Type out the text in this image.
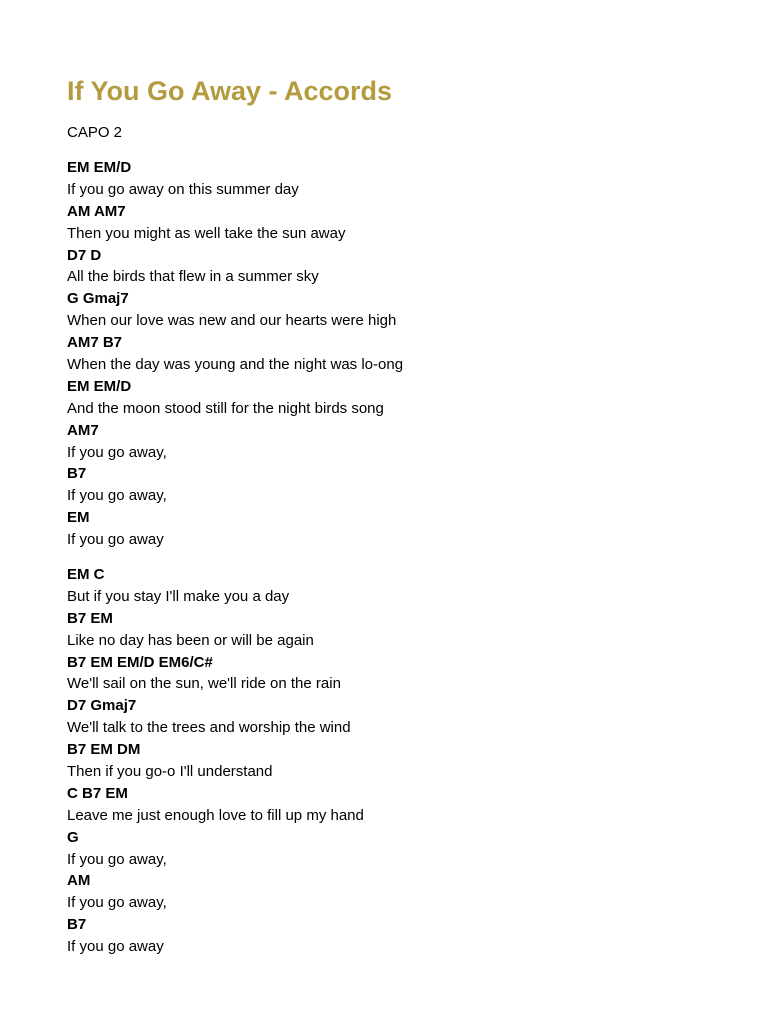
If You Go Away - Accords
CAPO 2
EM EM/D
If you go away on this summer day
AM AM7
Then you might as well take the sun away
D7 D
All the birds that flew in a summer sky
G Gmaj7
When our love was new and our hearts were high
AM7 B7
When the day was young and the night was lo-ong
EM EM/D
And the moon stood still for the night birds song
AM7
If you go away,
B7
If you go away,
EM
If you go away
EM C
But if you stay I'll make you a day
B7 EM
Like no day has been or will be again
B7 EM EM/D EM6/C#
We'll sail on the sun, we'll ride on the rain
D7 Gmaj7
We'll talk to the trees and worship the wind
B7 EM DM
Then if you go-o I'll understand
C B7 EM
Leave me just enough love to fill up my hand
G
If you go away,
AM
If you go away,
B7
If you go away
